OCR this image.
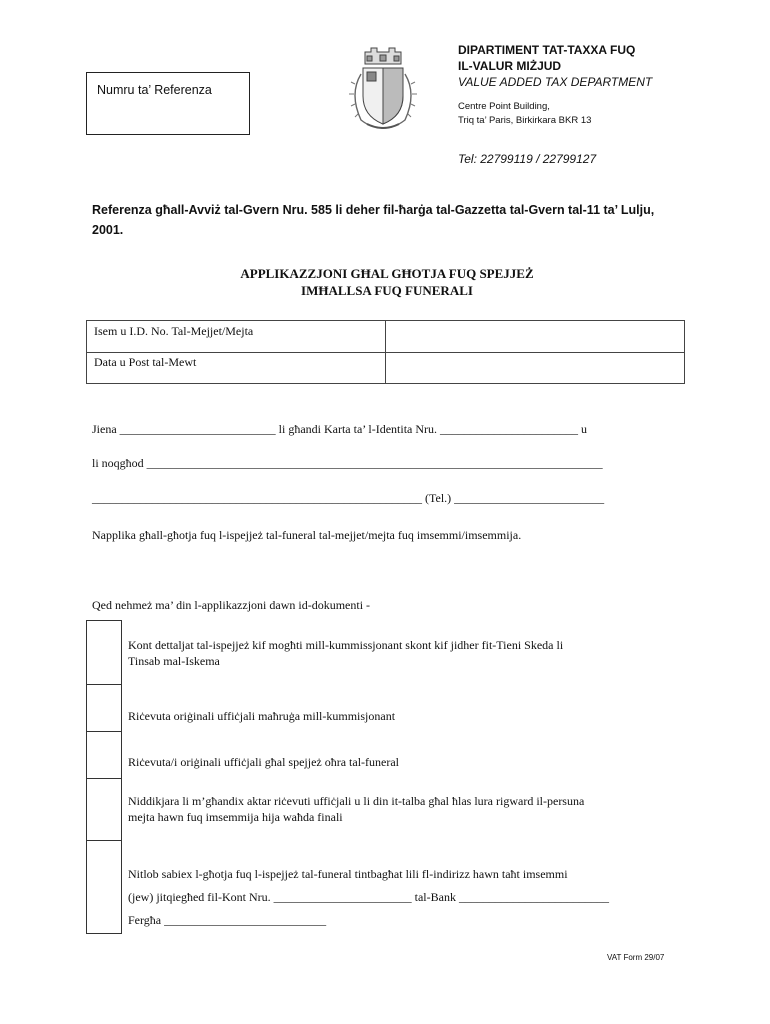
Numru ta’ Referenza
DIPARTIMENT TAT-TAXXA FUQ
IL-VALUR MIŻJUD
VALUE ADDED TAX DEPARTMENT
Centre Point Building,
Triq ta’ Paris, Birkirkara BKR 13
Tel: 22799119 / 22799127
Referenza għall-Avviż tal-Gvern Nru. 585 li deher fil-ħarġa tal-Gazzetta tal-Gvern tal-11 ta’ Lulju, 2001.
APPLIKAZZJONI GĦAL GĦOTJA FUQ SPEJJEŻ
IMĦALLSA FUQ FUNERALI
Isem u I.D. No. Tal-Mejjet/Mejta
Data u Post tal-Mewt
Jiena __________________________ li għandi Karta ta’ l-Identita Nru. _______________________ u
li noqgħod ____________________________________________________________________________
_______________________________________________________ (Tel.) _________________________
Napplika għall-għotja fuq l-ispejjeż tal-funeral tal-mejjet/mejta fuq imsemmi/imsemmija.
Qed nehmeż ma’ din l-applikazzjoni dawn id-dokumenti -
Kont dettaljat tal-ispejjeż kif mogħti mill-kummissjonant skont kif jidher fit-Tieni Skeda li
Tinsab mal-Iskema
Riċevuta oriġinali uffiċjali maħruġa mill-kummisjonant
Riċevuta/i oriġinali uffiċjali għal spejjeż oħra tal-funeral
Niddikjara li m’għandix aktar riċevuti uffiċjali u li din it-talba għal ħlas lura rigward il-persuna
mejta hawn fuq imsemmija hija waħda finali
Nitlob sabiex l-għotja fuq l-ispejjeż tal-funeral tintbagħat lili fl-indirizz hawn taħt imsemmi
(jew) jitqiegħed fil-Kont Nru. _______________________ tal-Bank _________________________
Fergħa ___________________________
VAT Form 29/07
